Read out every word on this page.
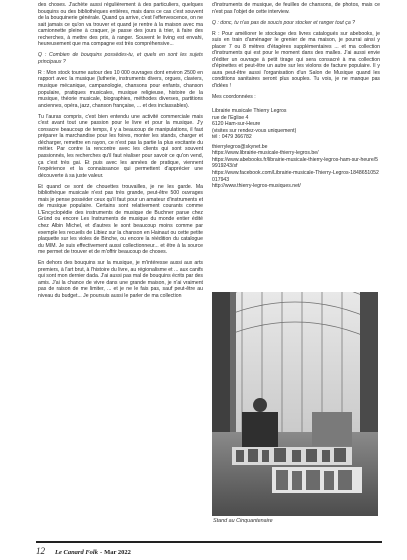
des choses. J'achète aussi régulièrement à des particuliers, quelques bouquins ou des bibliothèques entières, mais dans ce cas c'est souvent de la bouquinerie générale. Quand ça arrive, c'est l'effervescence, on ne sait jamais ce qu'on va trouver et quand je rentre à la maison avec ma camionnette pleine à craquer, je passe des jours à trier, à faire des recherches, à mettre des prix, à ranger. Souvent le living est envahi, heureusement que ma compagne est très compréhensive...

Q : Combien de bouquins possèdes-tu, et quels en sont les sujets principaux ?

R : Mon stock tourne autour des 10 000 ouvrages dont environ 2500 en rapport avec la musique (lutherie, instruments divers, orgues, claviers, musique mécanique, campanologie, chansons pour enfants, chanson populaire, pratiques musicales, musique religieuse, histoire de la musique, théorie musicale, biographies, méthodes diverses, partitions anciennes, opéra, jazz, chanson française, ... et des inclassables).

Tu l'auras compris, c'est bien entendu une activité commerciale mais c'est avant tout une passion pour le livre et pour la musique. J'y consacre beaucoup de temps, il y a beaucoup de manipulations, il faut préparer la marchandise pour les foires, monter les stands, charger et décharger, remettre en rayon, ce n'est pas la partie la plus excitante du métier. Par contre la rencontre avec les clients qui sont souvent passionnés, les recherches qu'il faut réaliser pour savoir ce qu'on vend, ça c'est très gai. Et puis avec les années de pratique, viennent l'expérience et la connaissance qui permettent d'apprécier une découverte à sa juste valeur.

Et quand ce sont de chouettes trouvailles, je ne les garde. Ma bibliothèque musicale n'est pas très grande, peut-être 500 ouvrages mais je pense posséder ceux qu'il faut pour un amateur d'instruments et de musique populaire. Certains sont relativement courants comme L'Encyclopédie des instruments de musique de Buchner parue chez Gründ ou encore Les Instruments de musique du monde entier édité chez Albin Michel, et d'autres le sont beaucoup moins comme par exemple les recueils de Libiez sur la chanson en Hainaut ou cette petite plaquette sur les violes de Binche, ou encore la réédition du catalogue du MIM. Je suis effectivement aussi collectionneur... et être à la source me permet de trouver et de m'offrir beaucoup de choses.

En dehors des bouquins sur la musique, je m'intéresse aussi aux arts premiers, à l'art brut, à l'histoire du livre, au régionalisme et ... aux canifs qui sont mon dernier dada. J'ai aussi pas mal de bouquins écrits par des amis. J'ai la chance de vivre dans une grande maison, je n'ai vraiment pas de raison de me limiter, ... et je ne le fais pas, sauf peut-être au niveau du budget... Je poursuis aussi le parler de ma collection

d'instruments de musique, de feuilles de chansons, de photos, mais ce n'est pas l'objet de cette interview.

Q : donc, tu n'as pas de soucis pour stocker et ranger tout ça ?

R : Pour améliorer le stockage des livres catalogués sur abebooks, je suis en train d'aménager le grenier de ma maison, je pourrai ainsi y placer 7 ou 8 mètres d'étagères supplémentaires ... et ma collection d'instruments qui est pour le moment dans des malles. J'ai aussi envie d'éditer un ouvrage à petit tirage qui sera consacré à ma collection d'épinettes et peut-être un autre sur les violons de facture populaire. Il y aura peut-être aussi l'organisation d'un Salon de Musique quand les conditions sanitaires seront plus souples. Tu vois, je ne manque pas d'idées !

Mes coordonnées :

Librairie musicale Thierry Legros

rue de l'Eglise 4

6120 Ham-sur-Heure

(visites sur rendez-vous uniquement)

tél : 0479 366782

thierrylegros@skynet.be

https://www.librairie-musicale-thierry-legros.be/

https://www.abebooks.fr/librairie-musicale-thierry-legros-ham-sur-heure/59919243/sf

https://www.facebook.com/Librairie-musicale-Thierry-Legros-1848651052017943

http://www.thierry-legros-musiques.net/

Stand au Cinquantenaire
12 Le Canard Folk - Mar 2022
